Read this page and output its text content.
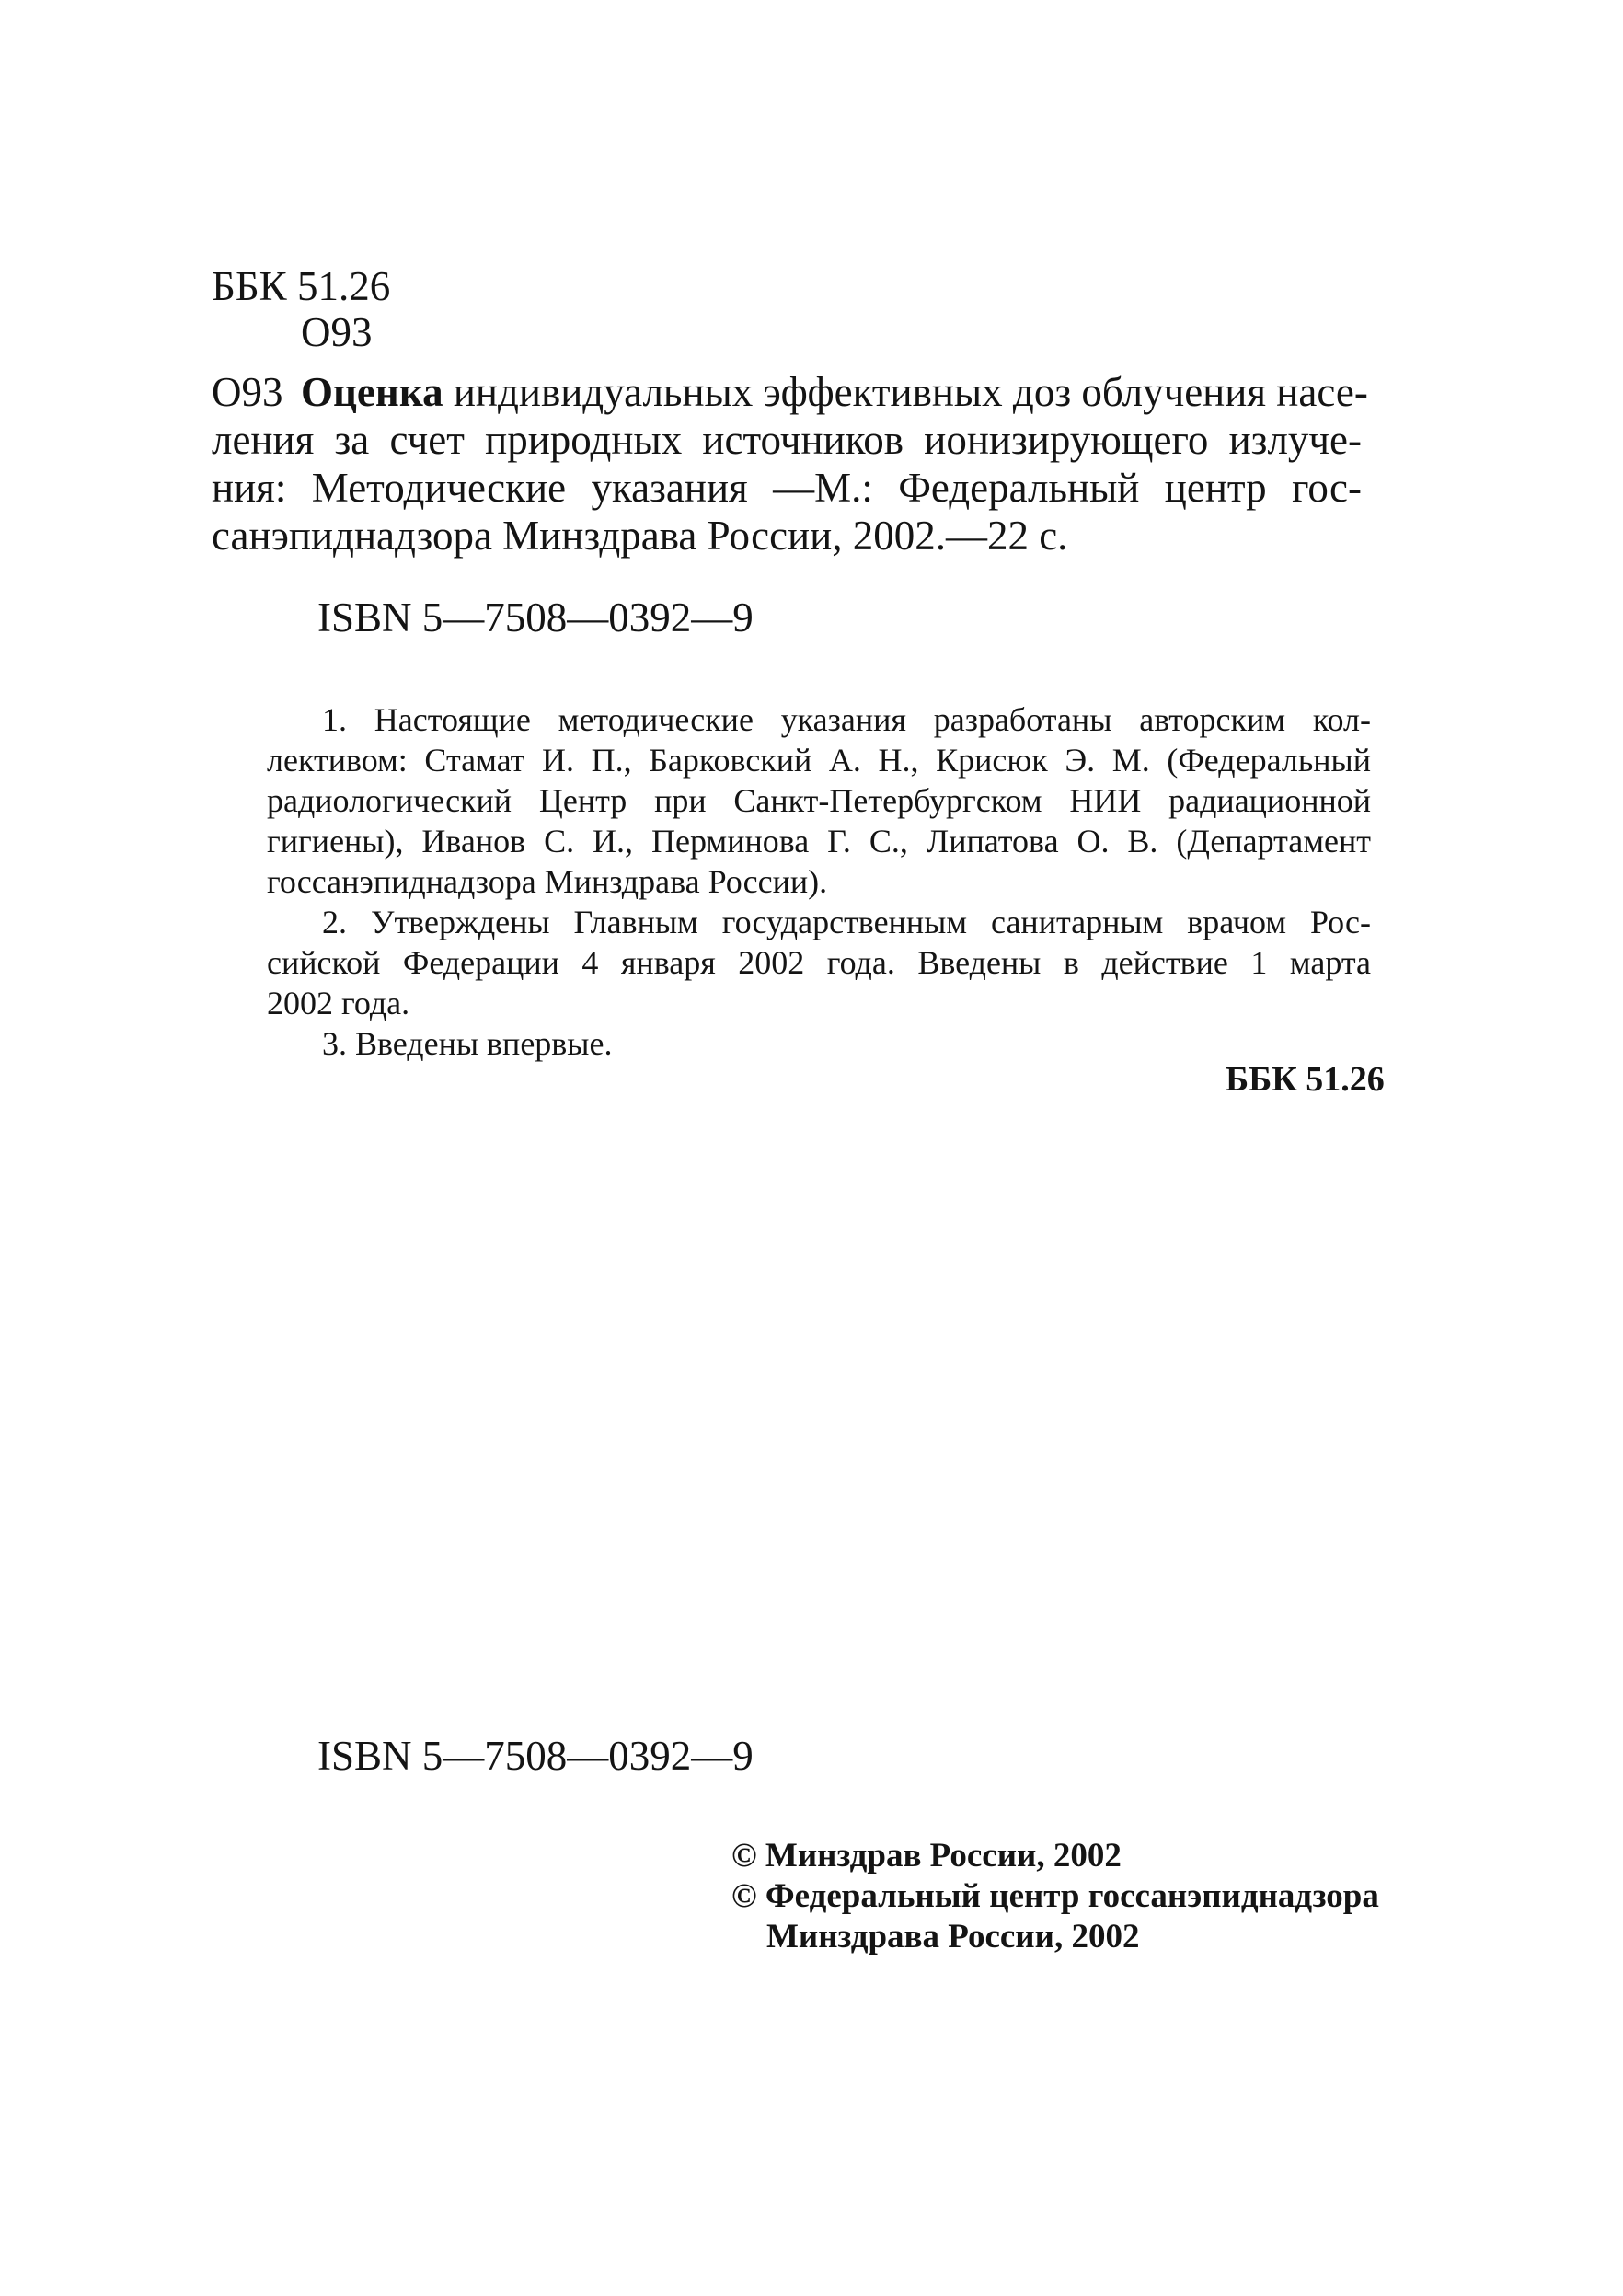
ББК 51.26

О93

О93 Оценка индивидуальных эффективных доз облучения насе-
ления за счет природных источников ионизирующего излуче-
ния: Методические указания —М.: Федеральный центр гос-
санэпиднадзора Минздрава России, 2002.—22 с.

ISBN 5—7508—0392—9

1. Настоящие методические указания разработаны авторским кол-
лективом: Стамат И. П., Барковский А. Н., Крисюк Э. М. (Федеральный
радиологический Центр при Санкт-Петербургском НИИ радиационной
гигиены), Иванов С. И., Перминова Г. С., Липатова О. В. (Департамент
госсанэпиднадзора Минздрава России).
2. Утверждены Главным государственным санитарным врачом Рос-
сийской Федерации 4 января 2002 года. Введены в действие 1 марта
2002 года.
3. Введены впервые.

ББК 51.26

ISBN 5—7508—0392—9

© Минздрав России, 2002
© Федеральный центр госсанэпиднадзора
Минздрава России, 2002
